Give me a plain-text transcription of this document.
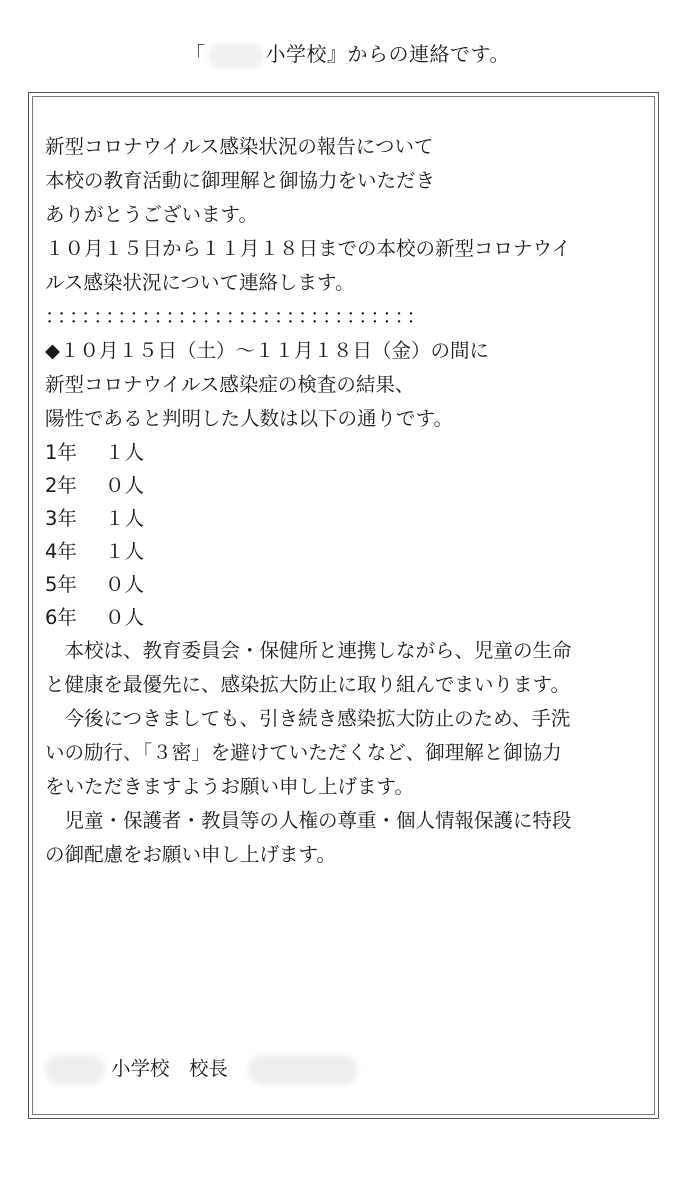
「	小学校』からの連絡です。
新型コロナウイルス感染状況の報告について
本校の教育活動に御理解と御協力をいただき
ありがとうございます。
１０月１５日から１１月１８日までの本校の新型コロナウイ
ルス感染状況について連絡します。
：：：：：：：：：：：：：：：：：：：：：：：：：：：：：：：
◆１０月１５日（土）～１１月１８日（金）の間に
新型コロナウイルス感染症の検査の結果、
陽性であると判明した人数は以下の通りです。
1年 １人
2年 ０人
3年 １人
4年 １人
5年 ０人
6年 ０人
　本校は、教育委員会・保健所と連携しながら、児童の生命
と健康を最優先に、感染拡大防止に取り組んでまいります。
　今後につきましても、引き続き感染拡大防止のため、手洗
いの励行、「３密」を避けていただくなど、御理解と御協力
をいただきますようお願い申し上げます。
　児童・保護者・教員等の人権の尊重・個人情報保護に特段
の御配慮をお願い申し上げます。
小学校　校長
